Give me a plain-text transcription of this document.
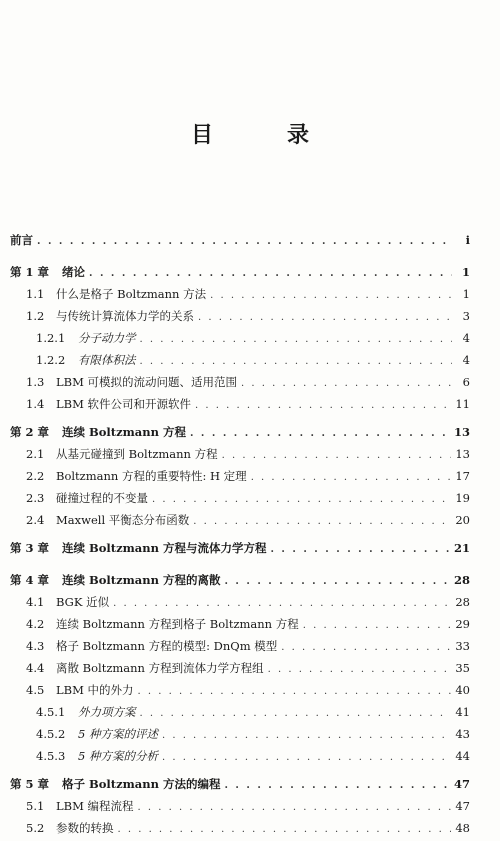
目　录
前言 . . .	i
第 1 章	绪论 . . .	1
1.1	什么是格子 Boltzmann 方法 . . .	1
1.2	与传统计算流体力学的关系 . . .	3
1.2.1	分子动力学 . . .	4
1.2.2	有限体积法 . . .	4
1.3	LBM 可模拟的流动问题、适用范围 . . .	6
1.4	LBM 软件公司和开源软件 . . .	11
第 2 章	连续 Boltzmann 方程 . . .	13
2.1	从基元碰撞到 Boltzmann 方程 . . .	13
2.2	Boltzmann 方程的重要特性: H 定理 . . .	17
2.3	碰撞过程的不变量 . . .	19
2.4	Maxwell 平衡态分布函数 . . .	20
第 3 章	连续 Boltzmann 方程与流体力学方程 . . .	21
第 4 章	连续 Boltzmann 方程的离散 . . .	28
4.1	BGK 近似 . . .	28
4.2	连续 Boltzmann 方程到格子 Boltzmann 方程 . . .	29
4.3	格子 Boltzmann 方程的模型: DnQm 模型 . . .	33
4.4	离散 Boltzmann 方程到流体力学方程组 . . .	35
4.5	LBM 中的外力 . . .	40
4.5.1	外力项方案 . . .	41
4.5.2	5 种方案的评述 . . .	43
4.5.3	5 种方案的分析 . . .	44
第 5 章	格子 Boltzmann 方法的编程 . . .	47
5.1	LBM 编程流程 . . .	47
5.2	参数的转换 . . .	48
